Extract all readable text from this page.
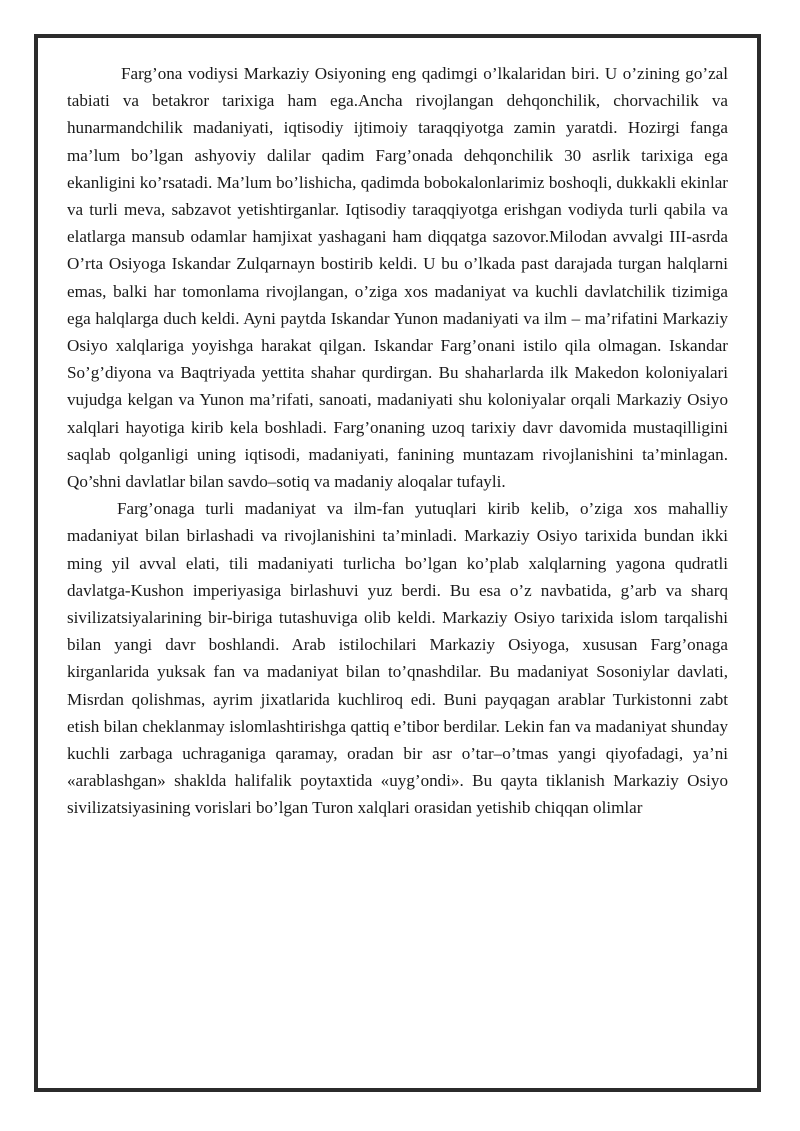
Farg’ona vodiysi Markaziy Osiyoning eng qadimgi o’lkalaridan biri. U o’zining go’zal tabiati va betakror tarixiga ham ega.Ancha rivojlangan dehqonchilik, chorvachilik va hunarmandchilik madaniyati, iqtisodiy ijtimoiy taraqqiyotga zamin yaratdi. Hozirgi fanga ma’lum bo’lgan ashyoviy dalilar qadim Farg’onada dehqonchilik 30 asrlik tarixiga ega ekanligini ko’rsatadi. Ma’lum bo’lishicha, qadimda bobokalonlarimiz boshoqli, dukkakli ekinlar va turli meva, sabzavot yetishtirganlar. Iqtisodiy taraqqiyotga erishgan vodiyda turli qabila va elatlarga mansub odamlar hamjixat yashagani ham diqqatga sazovor.Milodan avvalgi III-asrda O’rta Osiyoga Iskandar Zulqarnayn bostirib keldi. U bu o’lkada past darajada turgan halqlarni emas, balki har tomonlama rivojlangan, o’ziga xos madaniyat va kuchli davlatchilik tizimiga ega halqlarga duch keldi. Ayni paytda Iskandar Yunon madaniyati va ilm – ma’rifatini Markaziy Osiyo xalqlariga yoyishga harakat qilgan. Iskandar Farg’onani istilo qila olmagan. Iskandar So’g’diyona va Baqtriyada yettita shahar qurdirgan. Bu shaharlarda ilk Makedon koloniyalari vujudga kelgan va Yunon ma’rifati, sanoati, madaniyati shu koloniyalar orqali Markaziy Osiyo xalqlari hayotiga kirib kela boshladi. Farg’onaning uzoq tarixiy davr davomida mustaqilligini saqlab qolganligi uning iqtisodi, madaniyati, fanining muntazam rivojlanishini ta’minlagan. Qo’shni davlatlar bilan savdo–sotiq va madaniy aloqalar tufayli.

Farg’onaga turli madaniyat va ilm-fan yutuqlari kirib kelib, o’ziga xos mahalliy madaniyat bilan birlashadi va rivojlanishini ta’minladi. Markaziy Osiyo tarixida bundan ikki ming yil avval elati, tili madaniyati turlicha bo’lgan ko’plab xalqlarning yagona qudratli davlatga-Kushon imperiyasiga birlashuvi yuz berdi. Bu esa o’z navbatida, g’arb va sharq sivilizatsiyalarining bir-biriga tutashuviga olib keldi. Markaziy Osiyo tarixida islom tarqalishi bilan yangi davr boshlandi. Arab istilochilari Markaziy Osiyoga, xususan Farg’onaga kirganlarida yuksak fan va madaniyat bilan to’qnashdilar. Bu madaniyat Sosoniylar davlati, Misrdan qolishmas, ayrim jixatlarida kuchliroq edi. Buni payqagan arablar Turkistonni zabt etish bilan cheklanmay islomlashtirishga qattiq e’tibor berdilar. Lekin fan va madaniyat shunday kuchli zarbaga uchraganiga qaramay, oradan bir asr o’tar–o’tmas yangi qiyofadagi, ya’ni «arablashgan» shaklda halifalik poytaxtida «uyg’ondi». Bu qayta tiklanish Markaziy Osiyo sivilizatsiyasining vorislari bo’lgan Turon xalqlari orasidan yetishib chiqqan olimlar
